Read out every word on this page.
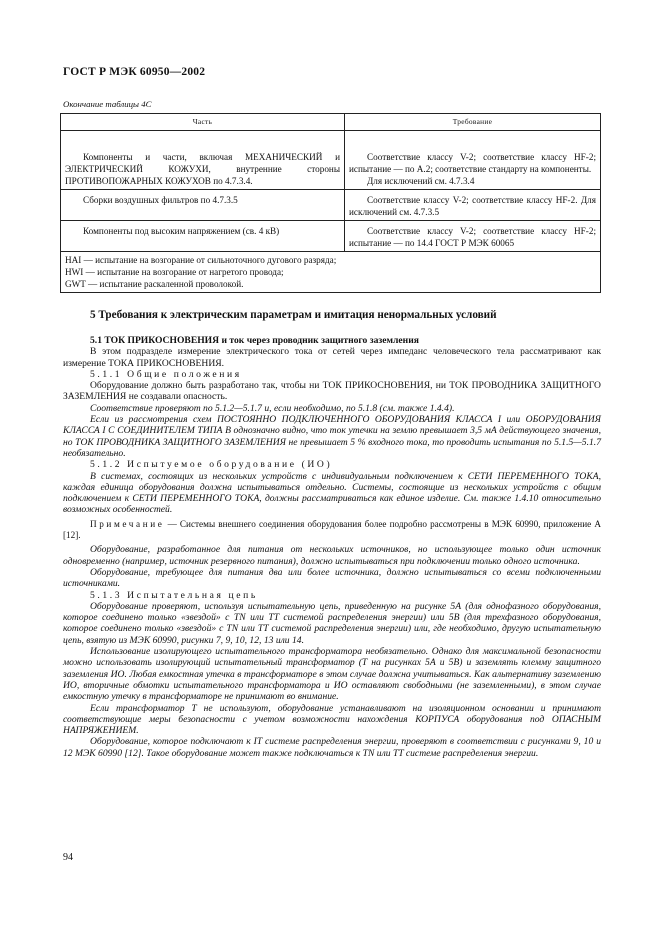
ГОСТ Р МЭК 60950—2002
Окончание таблицы 4С
Часть	Требование

Компоненты и части, включая МЕХАНИЧЕСКИЙ и ЭЛЕКТРИЧЕСКИЙ КОЖУХИ, внутренние стороны ПРОТИВОПОЖАРНЫХ КОЖУХОВ по 4.7.3.4.	Соответствие классу V-2; соответствие классу HF-2; испытание — по А.2; соответствие стандарту на компоненты.
Для исключений см. 4.7.3.4

Сборки воздушных фильтров по 4.7.3.5	Соответствие классу V-2; соответствие классу HF-2. Для исключений см. 4.7.3.5

Компоненты под высоким напряжением (св. 4 кВ)	Соответствие классу V-2; соответствие классу HF-2; испытание — по 14.4 ГОСТ Р МЭК 60065

HAI — испытание на возгорание от сильноточного дугового разряда;
HWI — испытание на возгорание от нагретого провода;
GWT — испытание раскаленной проволокой.	
5 Требования к электрическим параметрам и имитация ненормальных условий

5.1 ТОК ПРИКОСНОВЕНИЯ и ток через проводник защитного заземления

В этом подразделе измерение электрического тока от сетей через импеданс человеческого тела рассматривают как измерение ТОКА ПРИКОСНОВЕНИЯ.

5.1.1 Общие положения

Оборудование должно быть разработано так, чтобы ни ТОК ПРИКОСНОВЕНИЯ, ни ТОК ПРОВОДНИКА ЗАЩИТНОГО ЗАЗЕМЛЕНИЯ не создавали опасность.

Соответствие проверяют по 5.1.2—5.1.7 и, если необходимо, по 5.1.8 (см. также 1.4.4).

Если из рассмотрения схем ПОСТОЯННО ПОДКЛЮЧЕННОГО ОБОРУДОВАНИЯ КЛАССА I или ОБОРУДОВАНИЯ КЛАССА I С СОЕДИНИТЕЛЕМ ТИПА В однозначно видно, что ток утечки на землю превышает 3,5 мА действующего значения, но ТОК ПРОВОДНИКА ЗАЩИТНОГО ЗАЗЕМЛЕНИЯ не превышает 5 % входного тока, то проводить испытания по 5.1.5—5.1.7 необязательно.

5.1.2 Испытуемое оборудование (ИО)

В системах, состоящих из нескольких устройств с индивидуальным подключением к СЕТИ ПЕРЕМЕННОГО ТОКА, каждая единица оборудования должна испытываться отдельно. Системы, состоящие из нескольких устройств с общим подключением к СЕТИ ПЕРЕМЕННОГО ТОКА, должны рассматриваться как единое изделие. См. также 1.4.10 относительно возможных особенностей.

Примечание — Системы внешнего соединения оборудования более подробно рассмотрены в МЭК 60990, приложение А [12].

Оборудование, разработанное для питания от нескольких источников, но использующее только один источник одновременно (например, источник резервного питания), должно испытываться при подключении только одного источника.

Оборудование, требующее для питания два или более источника, должно испытываться со всеми подключенными источниками.

5.1.3 Испытательная цепь

Оборудование проверяют, используя испытательную цепь, приведенную на рисунке 5А (для однофазного оборудования, которое соединено только «звездой» с TN или TT системой распределения энергии) или 5В (для трехфазного оборудования, которое соединено только «звездой» с TN или TT системой распределения энергии) или, где необходимо, другую испытательную цепь, взятую из МЭК 60990, рисунки 7, 9, 10, 12, 13 или 14.

Использование изолирующего испытательного трансформатора необязательно. Однако для максимальной безопасности можно использовать изолирующий испытательный трансформатор (Т на рисунках 5А и 5В) и заземлять клемму защитного заземления ИО. Любая емкостная утечка в трансформаторе в этом случае должна учитываться. Как альтернативу заземлению ИО, вторичные обмотки испытательного трансформатора и ИО оставляют свободными (не заземленными), в этом случае емкостную утечку в трансформаторе не принимают во внимание.

Если трансформатор Т не используют, оборудование устанавливают на изоляционном основании и принимают соответствующие меры безопасности с учетом возможности нахождения КОРПУСА оборудования под ОПАСНЫМ НАПРЯЖЕНИЕМ.

Оборудование, которое подключают к IT системе распределения энергии, проверяют в соответствии с рисунками 9, 10 и 12 МЭК 60990 [12]. Такое оборудование может также подключаться к TN или TT системе распределения энергии.

94
